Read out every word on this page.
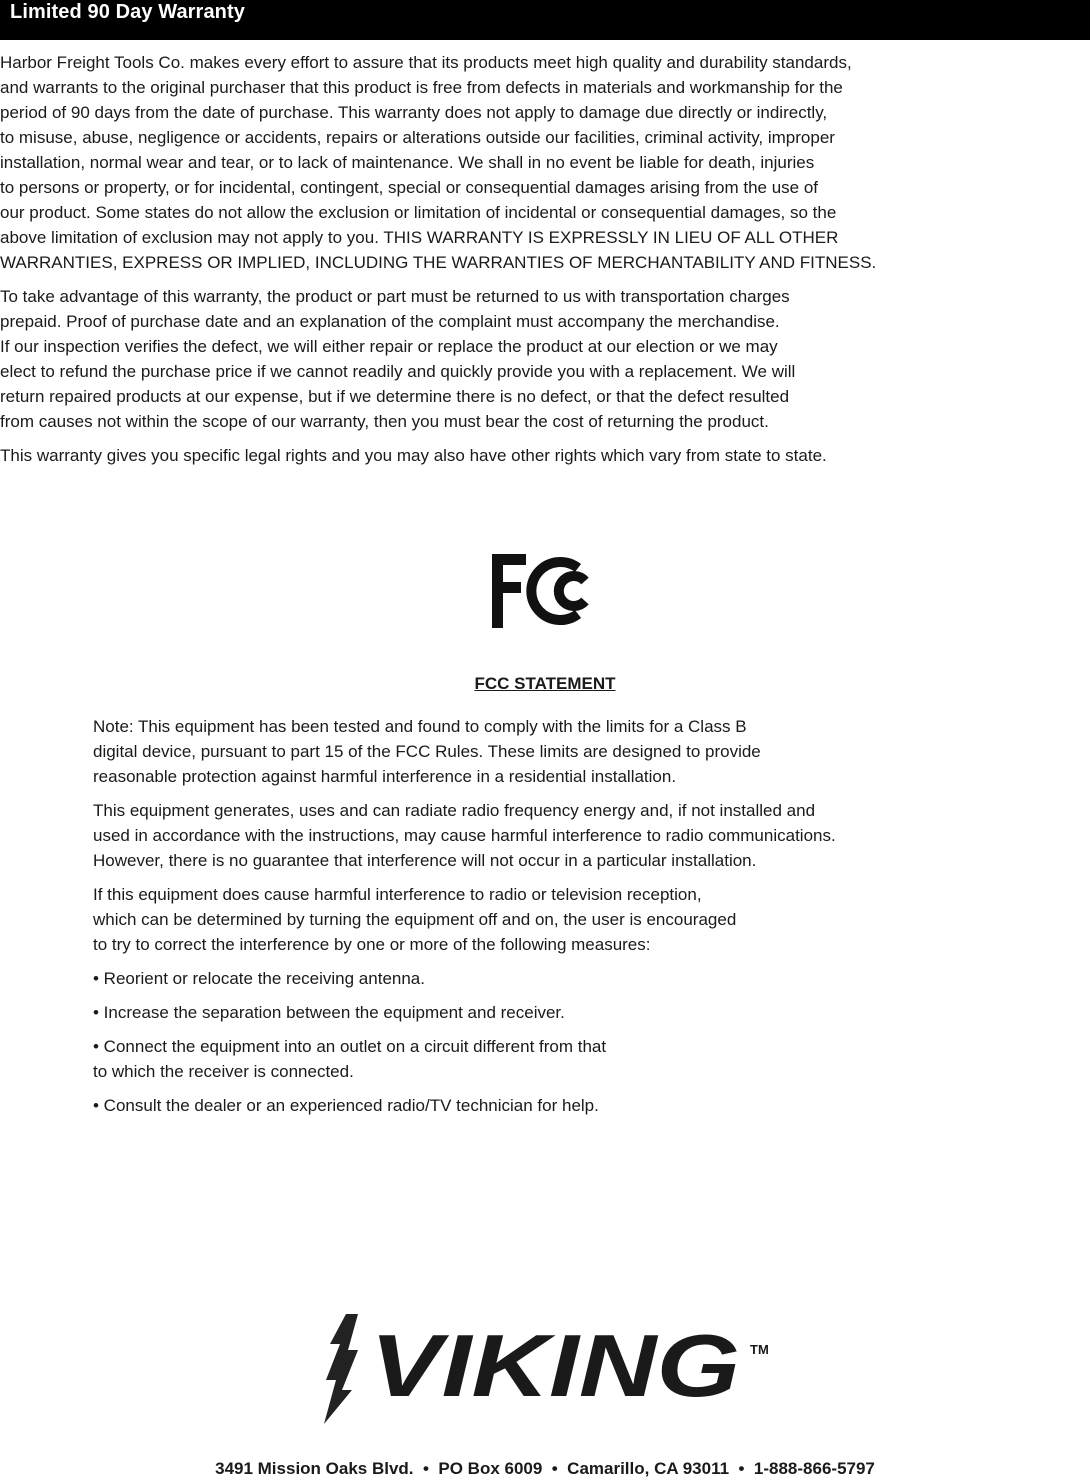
Limited 90 Day Warranty

Harbor Freight Tools Co. makes every effort to assure that its products meet high quality and durability standards,
and warrants to the original purchaser that this product is free from defects in materials and workmanship for the
period of 90 days from the date of purchase. This warranty does not apply to damage due directly or indirectly,
to misuse, abuse, negligence or accidents, repairs or alterations outside our facilities, criminal activity, improper
installation, normal wear and tear, or to lack of maintenance. We shall in no event be liable for death, injuries
to persons or property, or for incidental, contingent, special or consequential damages arising from the use of
our product. Some states do not allow the exclusion or limitation of incidental or consequential damages, so the
above limitation of exclusion may not apply to you. THIS WARRANTY IS EXPRESSLY IN LIEU OF ALL OTHER
WARRANTIES, EXPRESS OR IMPLIED, INCLUDING THE WARRANTIES OF MERCHANTABILITY AND FITNESS.

To take advantage of this warranty, the product or part must be returned to us with transportation charges
prepaid. Proof of purchase date and an explanation of the complaint must accompany the merchandise.
If our inspection verifies the defect, we will either repair or replace the product at our election or we may
elect to refund the purchase price if we cannot readily and quickly provide you with a replacement. We will
return repaired products at our expense, but if we determine there is no defect, or that the defect resulted
from causes not within the scope of our warranty, then you must bear the cost of returning the product.

This warranty gives you specific legal rights and you may also have other rights which vary from state to state.

FCC STATEMENT

Note: This equipment has been tested and found to comply with the limits for a Class B
digital device, pursuant to part 15 of the FCC Rules. These limits are designed to provide
reasonable protection against harmful interference in a residential installation.

This equipment generates, uses and can radiate radio frequency energy and, if not installed and
used in accordance with the instructions, may cause harmful interference to radio communications.
However, there is no guarantee that interference will not occur in a particular installation.

If this equipment does cause harmful interference to radio or television reception,
which can be determined by turning the equipment off and on, the user is encouraged
to try to correct the interference by one or more of the following measures:

• Reorient or relocate the receiving antenna.

• Increase the separation between the equipment and receiver.

• Connect the equipment into an outlet on a circuit different from that
to which the receiver is connected.

• Consult the dealer or an experienced radio/TV technician for help.

VIKING TM
3491 Mission Oaks Blvd.  •  PO Box 6009  •  Camarillo, CA 93011  •  1-888-866-5797
